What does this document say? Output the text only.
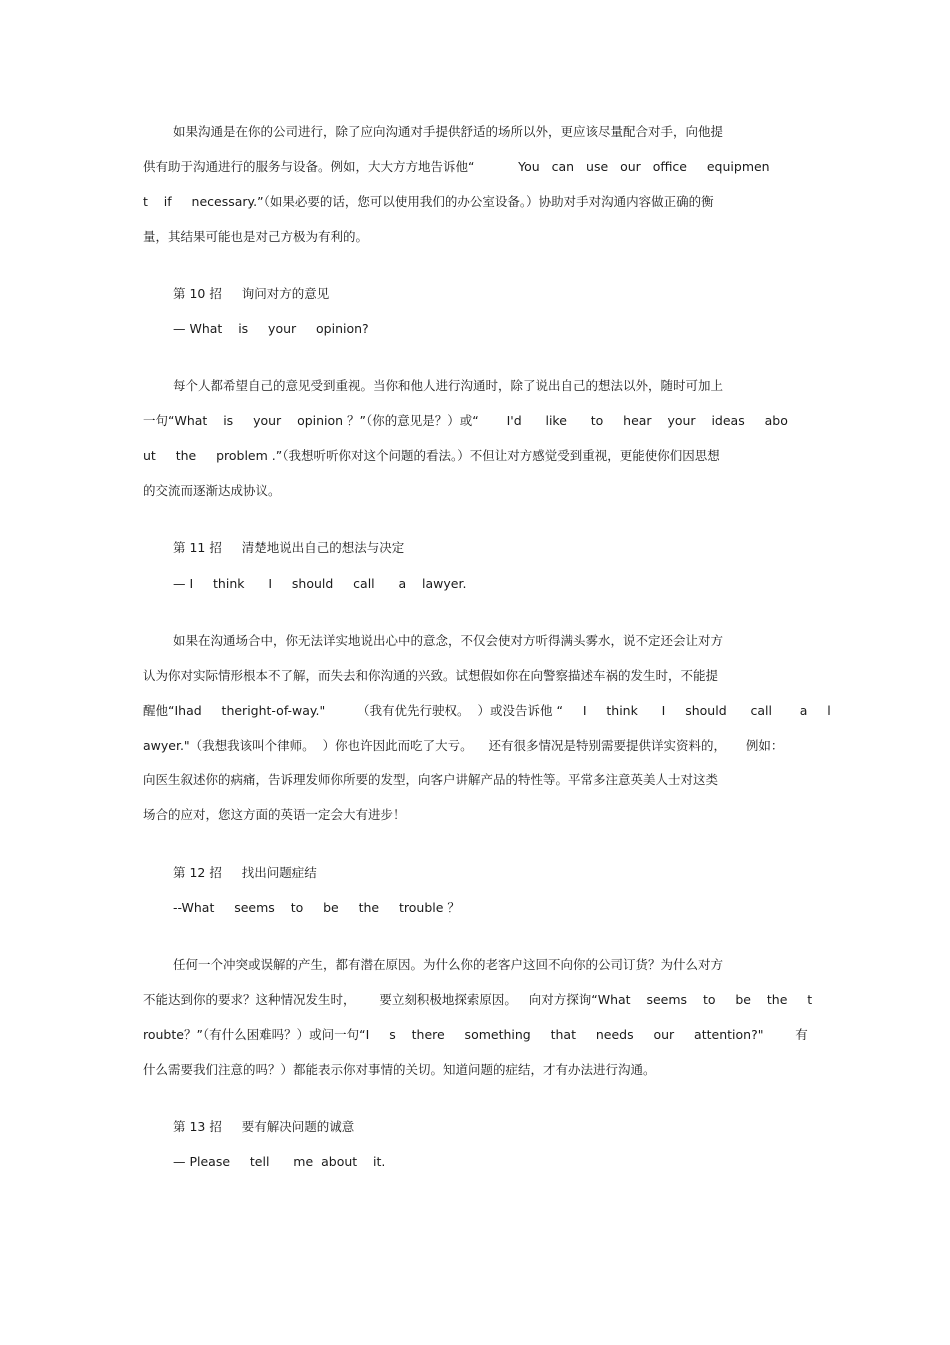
如果沟通是在你的公司进行，除了应向沟通对手提供舒适的场所以外，更应该尽量配合对手，向他提
供有助于沟通进行的服务与设备。例如，大大方方地告诉他“           You   can   use   our   office     equipmen
t    if     necessary.”（如果必要的话，您可以使用我们的办公室设备。）协助对手对沟通内容做正确的衡
量，其结果可能也是对己方极为有利的。
第 10 招     询问对方的意见
— What    is     your     opinion?
每个人都希望自己的意见受到重视。当你和他人进行沟通时，除了说出自己的想法以外，随时可加上
一句“What    is     your    opinion ？”（你的意见是？）或“       I'd      like      to     hear    your    ideas     abo
ut     the     problem .”（我想听听你对这个问题的看法。）不但让对方感觉受到重视，更能使你们因思想
的交流而逐渐达成协议。
第 11 招     清楚地说出自己的想法与决定
— I     think      I     should     call      a    lawyer.
如果在沟通场合中，你无法详实地说出心中的意念，不仅会使对方听得满头雾水，说不定还会让对方
认为你对实际情形根本不了解，而失去和你沟通的兴致。试想假如你在向警察描述车祸的发生时，不能提
醒他“Ihad     theright-of-way."        （我有优先行驶权。  ）或没告诉他 “     I     think      I     should      call       a     l
awyer."（我想我该叫个律师。  ）你也许因此而吃了大亏。    还有很多情况是特别需要提供详实资料的，     例如：
向医生叙述你的病痛，告诉理发师你所要的发型，向客户讲解产品的特性等。平常多注意英美人士对这类
场合的应对，您这方面的英语一定会大有进步！
第 12 招     找出问题症结
--What     seems    to     be     the     trouble ？
任何一个冲突或误解的产生，都有潜在原因。为什么你的老客户这回不向你的公司订货？为什么对方
不能达到你的要求？这种情况发生时，      要立刻积极地探索原因。   向对方探询“What    seems    to     be    the     t
roubte？”（有什么困难吗？）或问一句“I     s    there     something     that     needs     our     attention?"        有
什么需要我们注意的吗？）都能表示你对事情的关切。知道问题的症结，才有办法进行沟通。
第 13 招     要有解决问题的诚意
— Please     tell      me  about    it.
